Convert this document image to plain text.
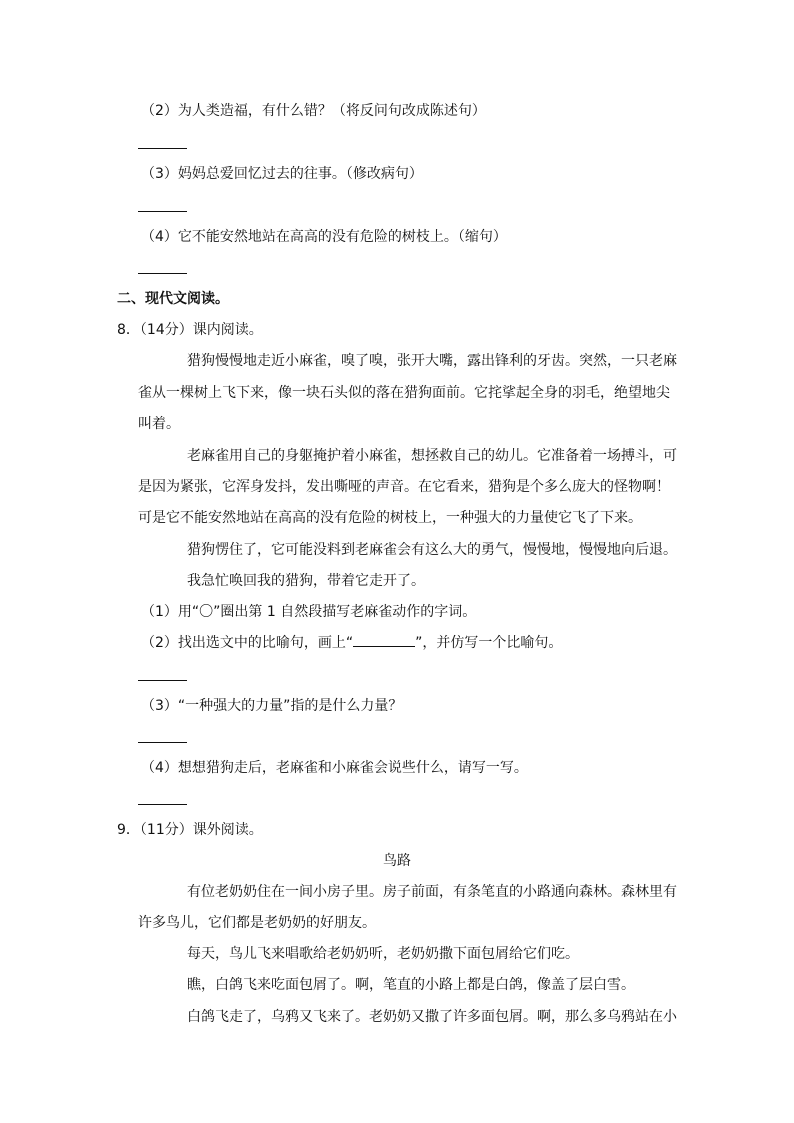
（2）为人类造福，有什么错？（将反问句改成陈述句）
（3）妈妈总爱回忆过去的往事。（修改病句）
（4）它不能安然地站在高高的没有危险的树枝上。（缩句）
二、现代文阅读。
8．（14分）课内阅读。
猎狗慢慢地走近小麻雀，嗅了嗅，张开大嘴，露出锋利的牙齿。突然，一只老麻
雀从一棵树上飞下来，像一块石头似的落在猎狗面前。它挓挲起全身的羽毛，绝望地尖
叫着。
老麻雀用自己的身躯掩护着小麻雀，想拯救自己的幼儿。它准备着一场搏斗，可
是因为紧张，它浑身发抖，发出嘶哑的声音。在它看来，猎狗是个多么庞大的怪物啊！
可是它不能安然地站在高高的没有危险的树枝上，一种强大的力量使它飞了下来。
猎狗愣住了，它可能没料到老麻雀会有这么大的勇气，慢慢地，慢慢地向后退。
我急忙唤回我的猎狗，带着它走开了。
（1）用“〇”圈出第 1 自然段描写老麻雀动作的字词。
（2）找出选文中的比喻句，画上“	”，并仿写一个比喻句。
（3）“一种强大的力量”指的是什么力量？
（4）想想猎狗走后，老麻雀和小麻雀会说些什么，请写一写。
9．（11分）课外阅读。
鸟路
有位老奶奶住在一间小房子里。房子前面，有条笔直的小路通向森林。森林里有
许多鸟儿，它们都是老奶奶的好朋友。
每天，鸟儿飞来唱歌给老奶奶听，老奶奶撒下面包屑给它们吃。
瞧，白鸽飞来吃面包屑了。啊，笔直的小路上都是白鸽，像盖了层白雪。
白鸽飞走了，乌鸦又飞来了。老奶奶又撒了许多面包屑。啊，那么多乌鸦站在小
